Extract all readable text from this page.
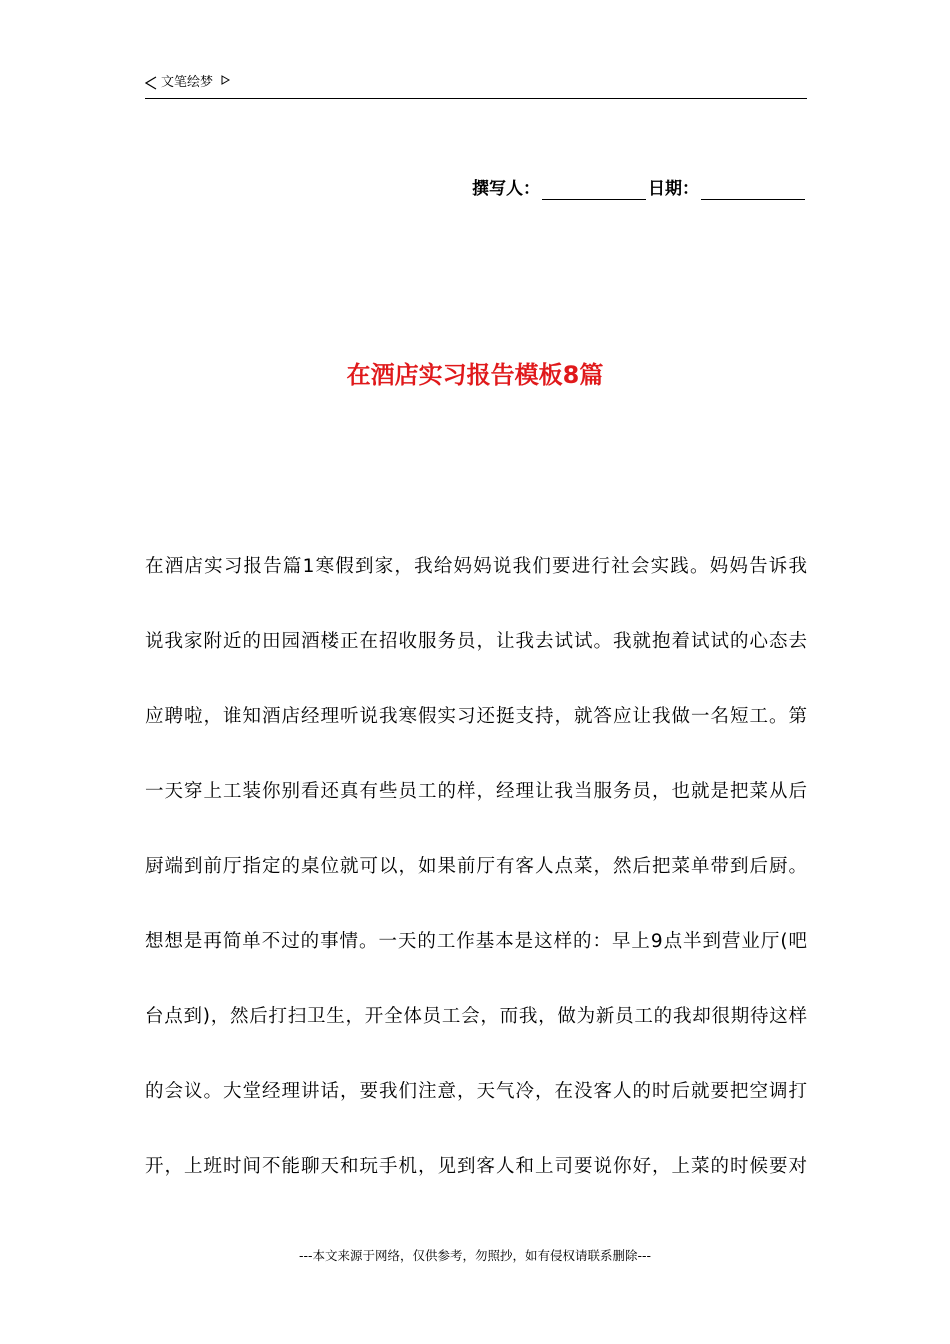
文笔绘梦
撰写人：	日期：
在酒店实习报告模板8篇
在酒店实习报告篇1寒假到家，我给妈妈说我们要进行社会实践。妈妈告诉我
说我家附近的田园酒楼正在招收服务员，让我去试试。我就抱着试试的心态去
应聘啦，谁知酒店经理听说我寒假实习还挺支持，就答应让我做一名短工。第
一天穿上工装你别看还真有些员工的样，经理让我当服务员，也就是把菜从后
厨端到前厅指定的桌位就可以，如果前厅有客人点菜，然后把菜单带到后厨。
想想是再简单不过的事情。一天的工作基本是这样的：早上9点半到营业厅(吧
台点到)，然后打扫卫生，开全体员工会，而我，做为新员工的我却很期待这样
的会议。大堂经理讲话，要我们注意，天气冷，在没客人的时后就要把空调打
开，上班时间不能聊天和玩手机，见到客人和上司要说你好，上菜的时候要对
---本文来源于网络，仅供参考，勿照抄，如有侵权请联系删除---
